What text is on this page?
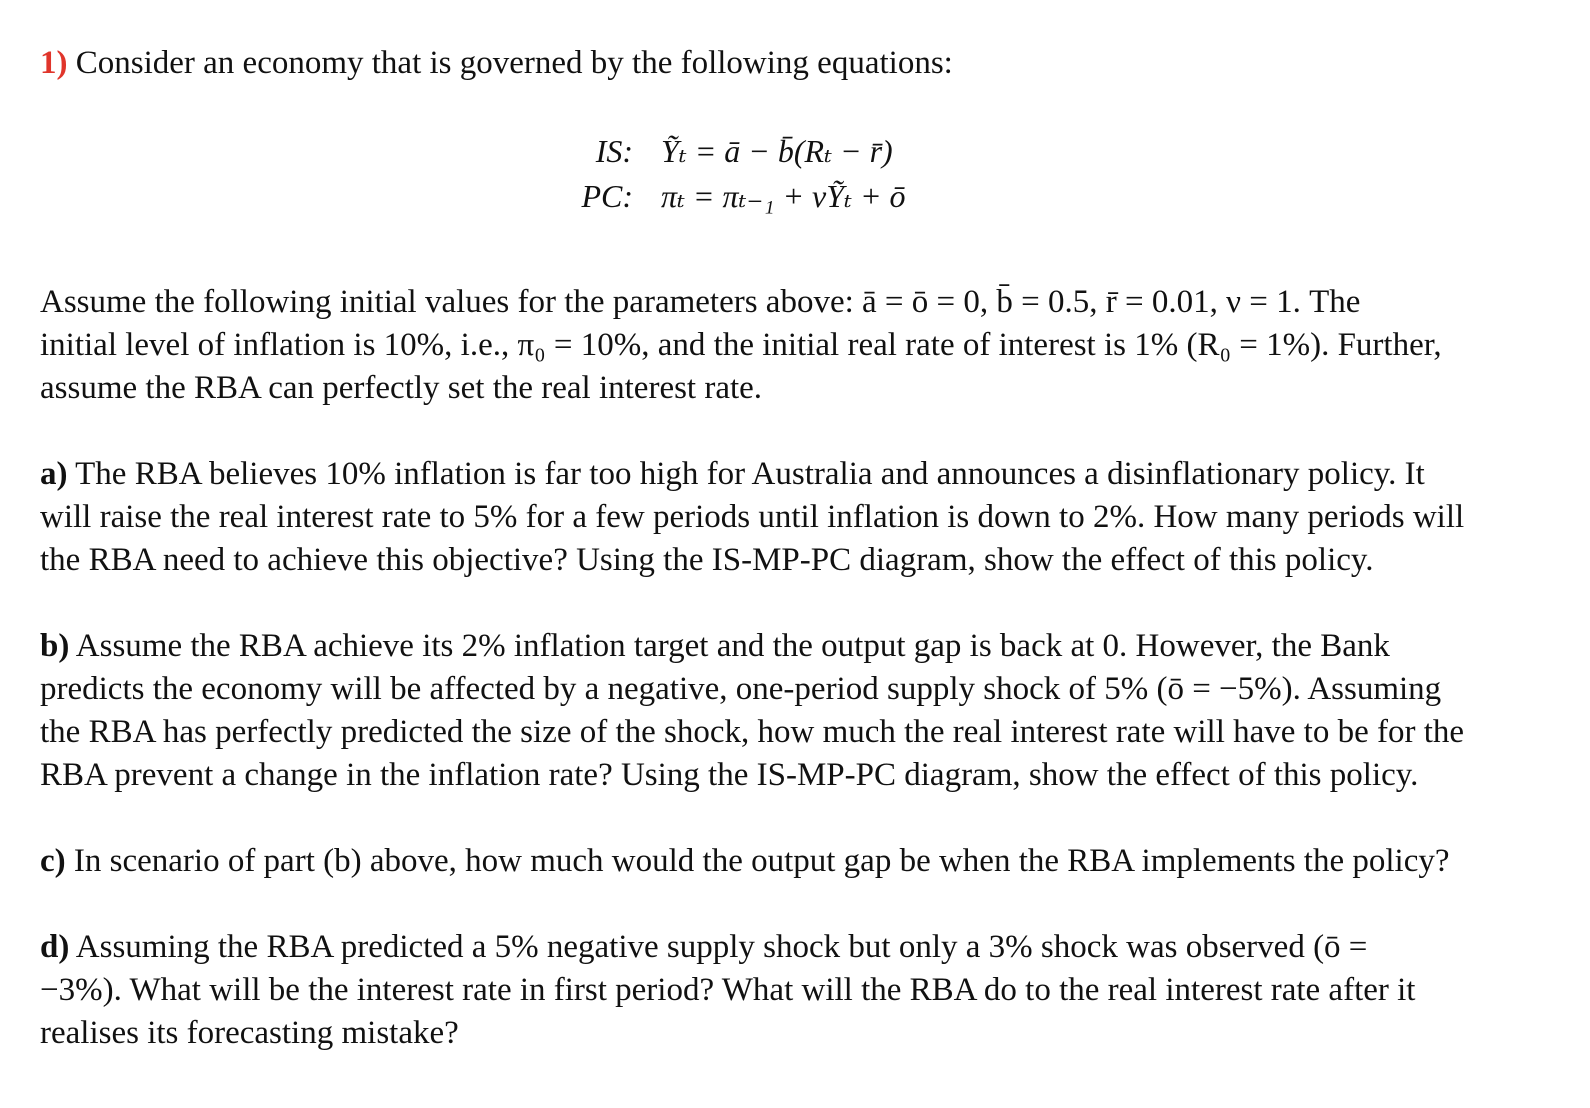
1) Consider an economy that is governed by the following equations:

IS: Ỹₜ = ā − b̄(Rₜ − r̄)
PC: πₜ = πₜ₋₁ + νỸₜ + ō

Assume the following initial values for the parameters above: ā = ō = 0, b̄ = 0.5, r̄ = 0.01, ν = 1. The

initial level of inflation is 10%, i.e., π₀ = 10%, and the initial real rate of interest is 1% (R₀ = 1%). Further,

assume the RBA can perfectly set the real interest rate.

a) The RBA believes 10% inflation is far too high for Australia and announces a disinflationary policy. It

will raise the real interest rate to 5% for a few periods until inflation is down to 2%. How many periods will

the RBA need to achieve this objective? Using the IS-MP-PC diagram, show the effect of this policy.

b) Assume the RBA achieve its 2% inflation target and the output gap is back at 0. However, the Bank

predicts the economy will be affected by a negative, one-period supply shock of 5% (ō = −5%). Assuming

the RBA has perfectly predicted the size of the shock, how much the real interest rate will have to be for the

RBA prevent a change in the inflation rate? Using the IS-MP-PC diagram, show the effect of this policy.

c) In scenario of part (b) above, how much would the output gap be when the RBA implements the policy?

d) Assuming the RBA predicted a 5% negative supply shock but only a 3% shock was observed (ō =

−3%). What will be the interest rate in first period? What will the RBA do to the real interest rate after it

realises its forecasting mistake?
